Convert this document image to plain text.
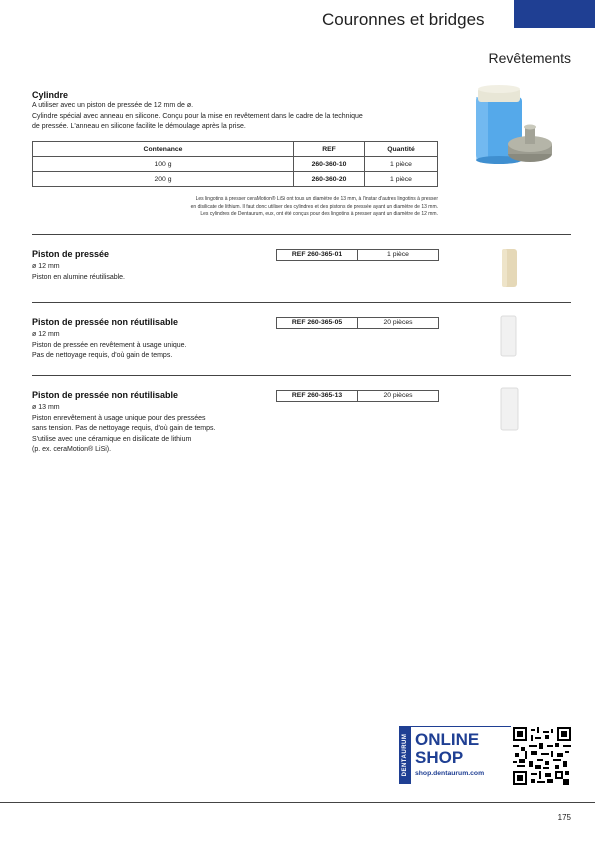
Couronnes et bridges
Revêtements
Cylindre
A utiliser avec un piston de pressée de 12 mm de ø.
Cylindre spécial avec anneau en silicone. Conçu pour la mise en revêtement dans le cadre de la technique
de pressée. L'anneau en silicone facilite le démoulage après la prise.
Contenance	REF	Quantité
100 g	260-360-10	1 pièce
200 g	260-360-20	1 pièce
Les lingotins à presser ceraMotion® LiSi ont tous un diamètre de 13 mm, à l'instar d'autres lingotins à presser
en disilicate de lithium. Il faut donc utiliser des cylindres et des pistons de pressée ayant un diamètre de 13 mm.
Les cylindres de Dentaurum, eux, ont été conçus pour des lingotins à presser ayant un diamètre de 12 mm.
Piston de pressée
ø 12 mm
Piston en alumine réutilisable.
REF 260-365-01	1 pièce
Piston de pressée non réutilisable
ø 12 mm
Piston de pressée en revêtement à usage unique.
Pas de nettoyage requis, d'où gain de temps.
REF 260-365-05	20 pièces
Piston de pressée non réutilisable
ø 13 mm
Piston enrevêtement à usage unique pour des pressées
sans tension. Pas de nettoyage requis, d'où gain de temps.
S'utilise avec une céramique en disilicate de lithium
(p. ex. ceraMotion® LiSi).
REF 260-365-13	20 pièces
DENTAURUM ONLINE
SHOP
shop.dentaurum.com
175
